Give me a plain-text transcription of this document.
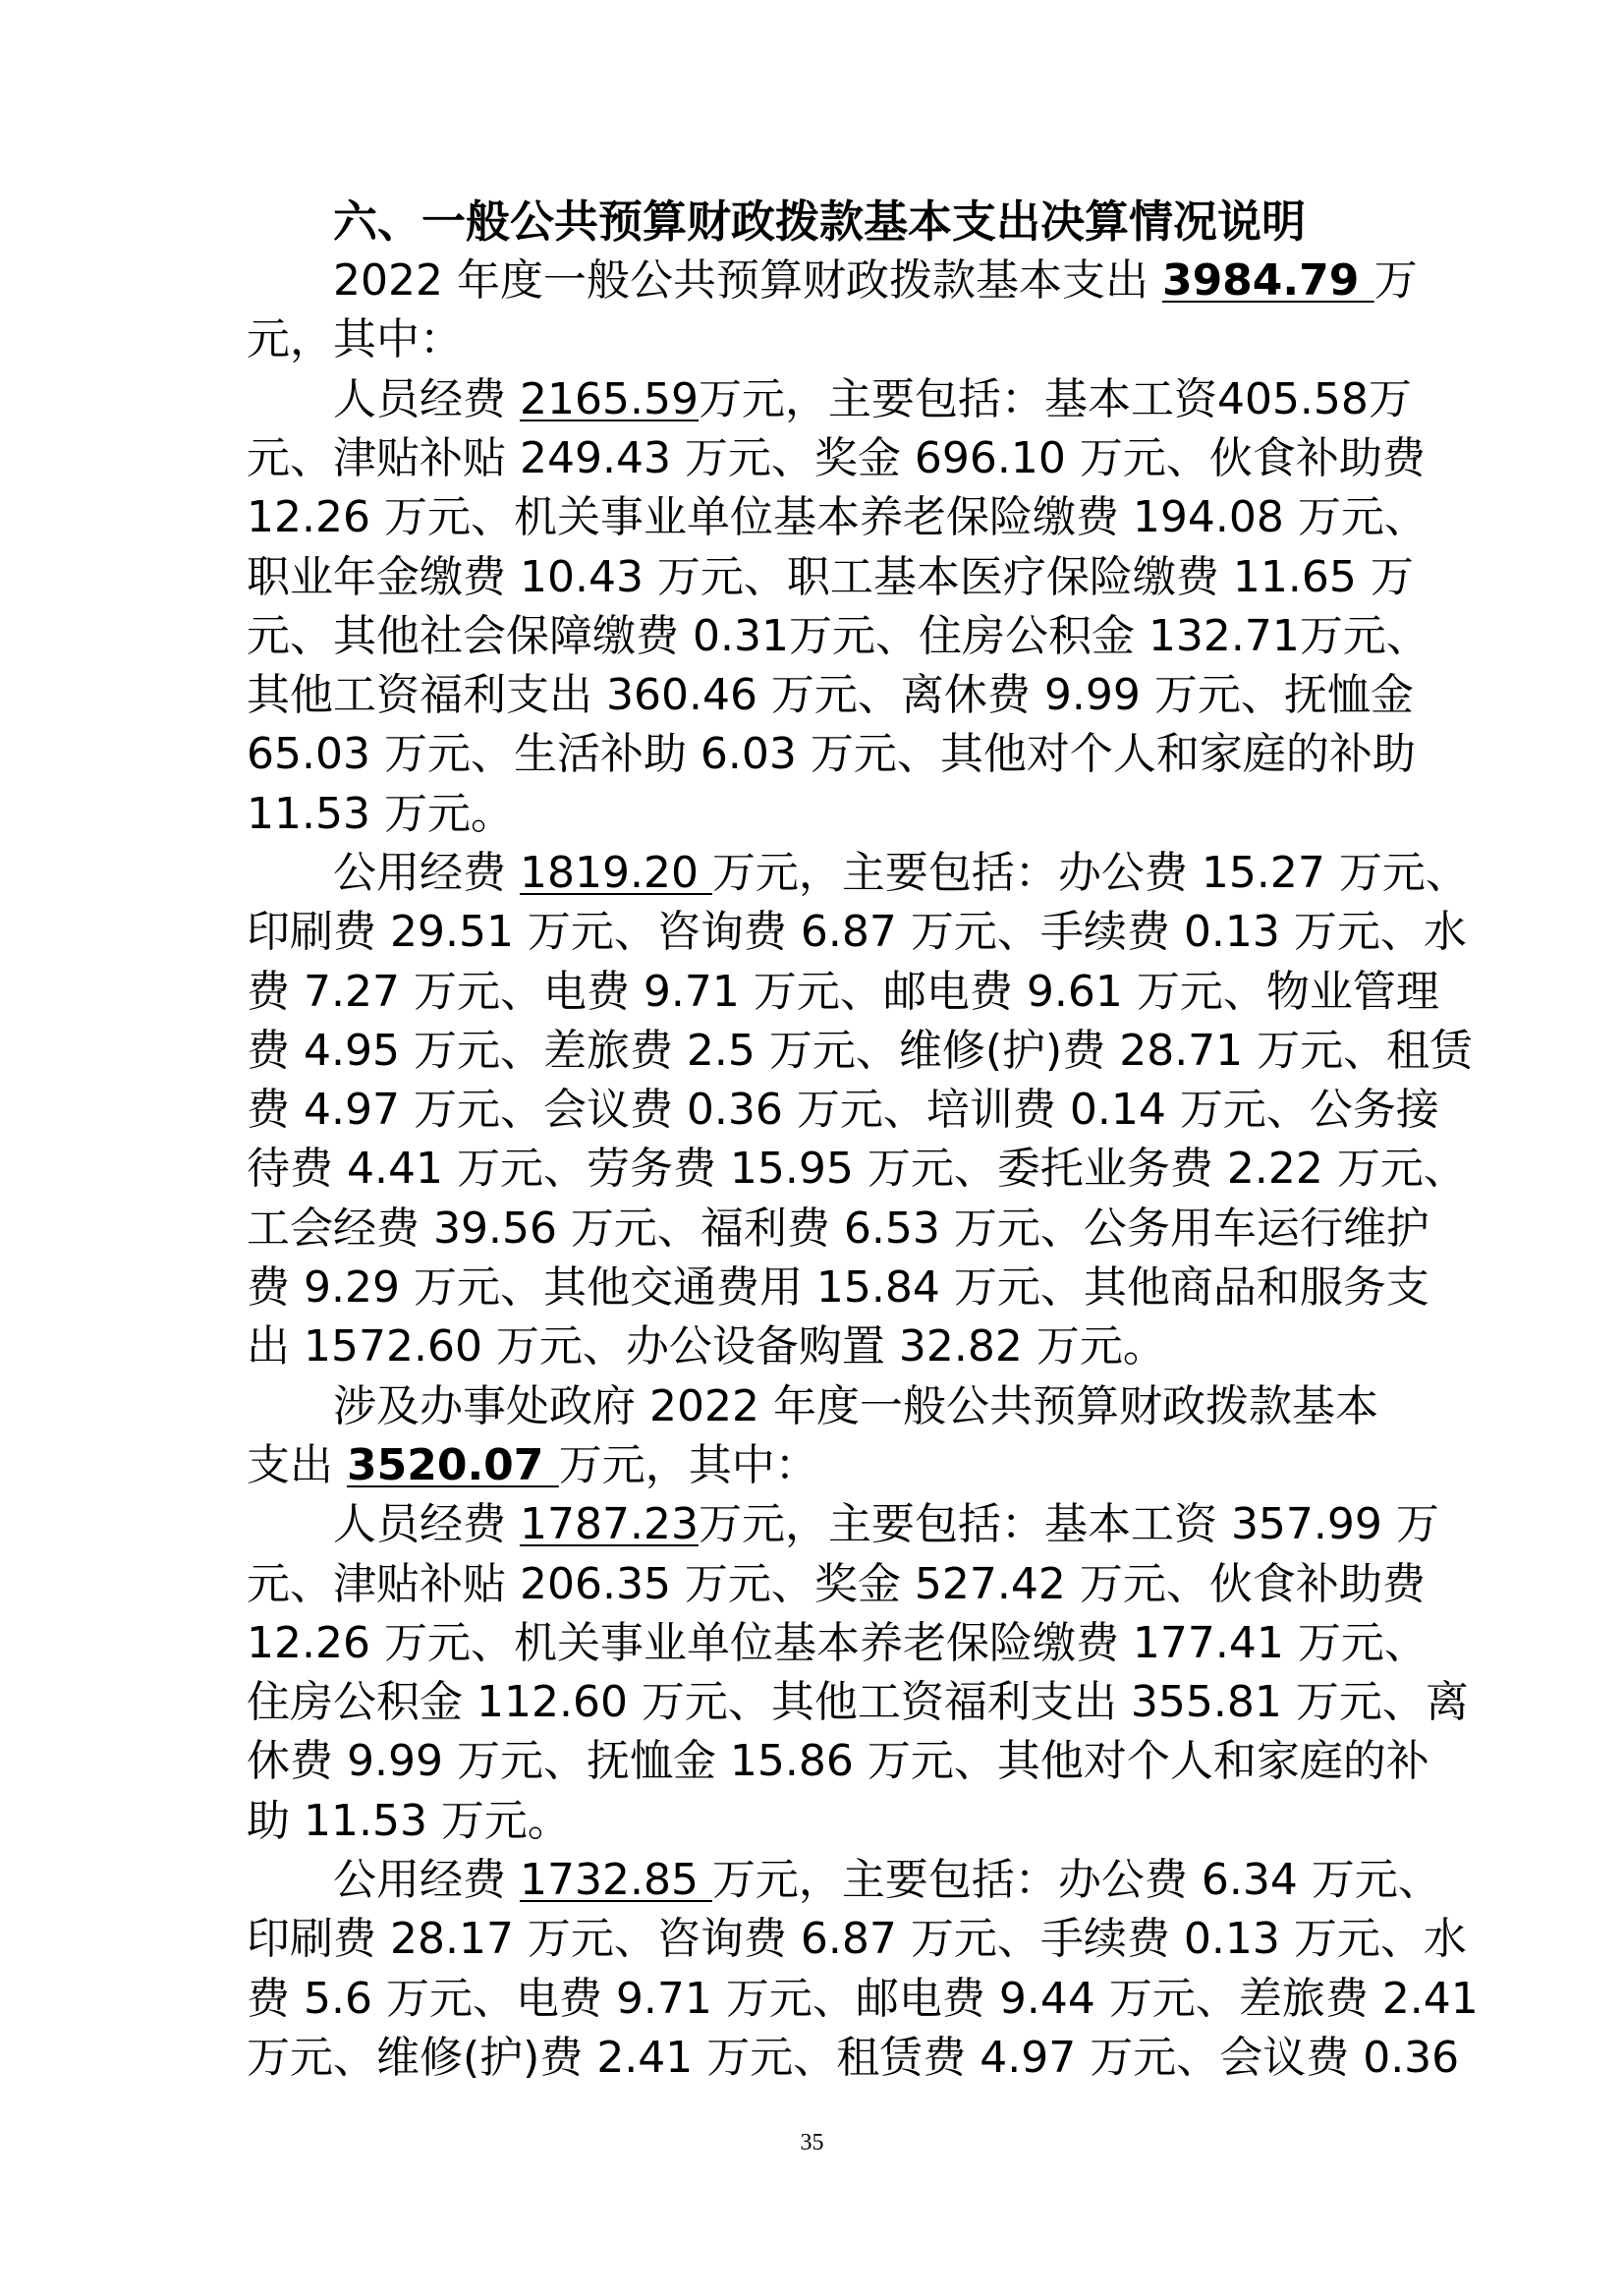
六、一般公共预算财政拨款基本支出决算情况说明
2022 年度一般公共预算财政拨款基本支出 3984.79 万
元，其中：
人员经费 2165.59万元，主要包括：基本工资405.58万
元、津贴补贴 249.43 万元、奖金 696.10 万元、伙食补助费
12.26 万元、机关事业单位基本养老保险缴费 194.08 万元、
职业年金缴费 10.43 万元、职工基本医疗保险缴费 11.65 万
元、其他社会保障缴费 0.31万元、住房公积金 132.71万元、
其他工资福利支出 360.46 万元、离休费 9.99 万元、抚恤金
65.03 万元、生活补助 6.03 万元、其他对个人和家庭的补助
11.53 万元。
公用经费 1819.20 万元，主要包括：办公费 15.27 万元、
印刷费 29.51 万元、咨询费 6.87 万元、手续费 0.13 万元、水
费 7.27 万元、电费 9.71 万元、邮电费 9.61 万元、物业管理
费 4.95 万元、差旅费 2.5 万元、维修(护)费 28.71 万元、租赁
费 4.97 万元、会议费 0.36 万元、培训费 0.14 万元、公务接
待费 4.41 万元、劳务费 15.95 万元、委托业务费 2.22 万元、
工会经费 39.56 万元、福利费 6.53 万元、公务用车运行维护
费 9.29 万元、其他交通费用 15.84 万元、其他商品和服务支
出 1572.60 万元、办公设备购置 32.82 万元。
涉及办事处政府 2022 年度一般公共预算财政拨款基本
支出 3520.07 万元，其中：
人员经费 1787.23万元，主要包括：基本工资 357.99 万
元、津贴补贴 206.35 万元、奖金 527.42 万元、伙食补助费
12.26 万元、机关事业单位基本养老保险缴费 177.41 万元、
住房公积金 112.60 万元、其他工资福利支出 355.81 万元、离
休费 9.99 万元、抚恤金 15.86 万元、其他对个人和家庭的补
助 11.53 万元。
公用经费 1732.85 万元，主要包括：办公费 6.34 万元、
印刷费 28.17 万元、咨询费 6.87 万元、手续费 0.13 万元、水
费 5.6 万元、电费 9.71 万元、邮电费 9.44 万元、差旅费 2.41
万元、维修(护)费 2.41 万元、租赁费 4.97 万元、会议费 0.36
35
